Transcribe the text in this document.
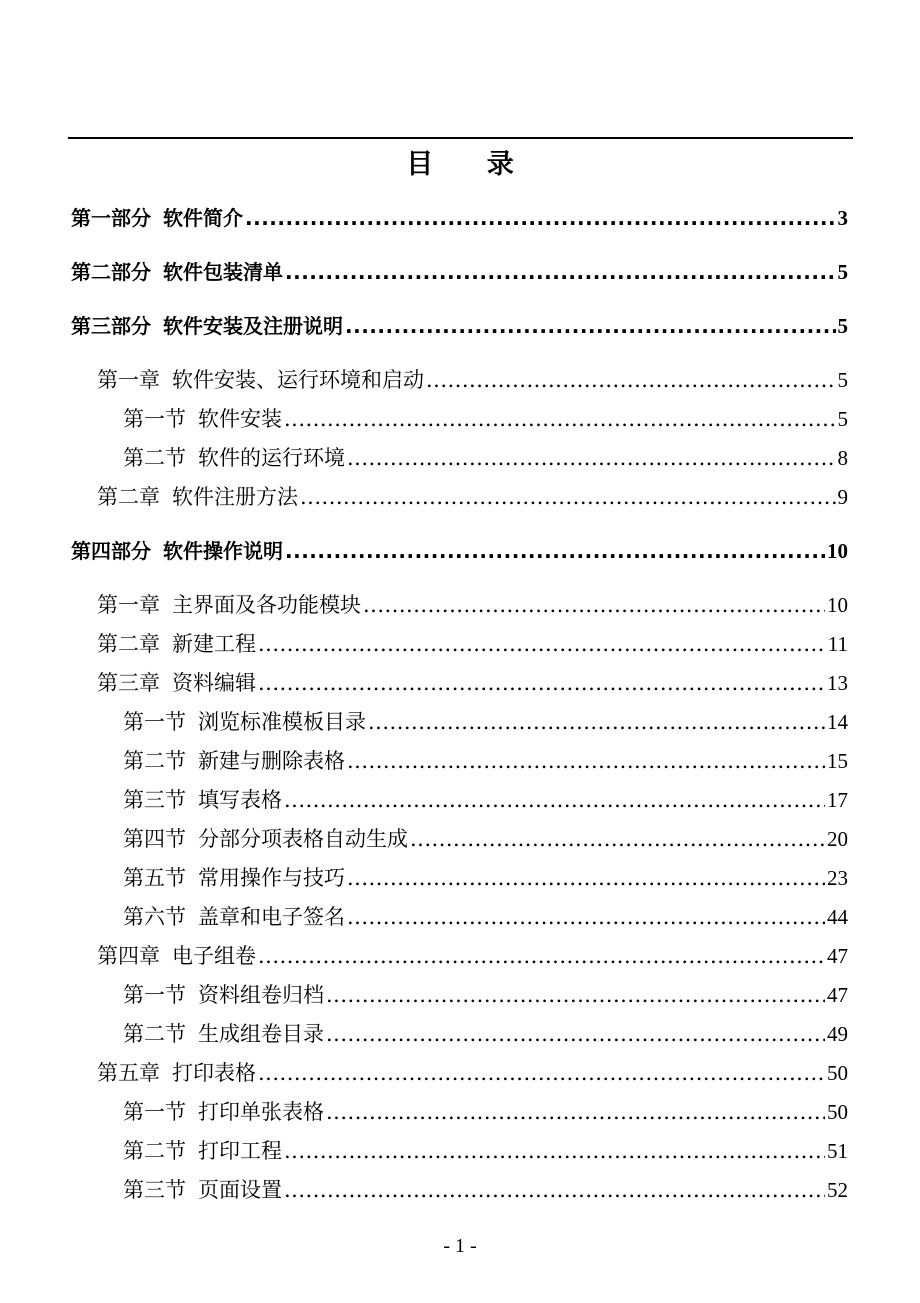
目 录
第一部分 软件简介 .....	3
第二部分 软件包装清单 .....	5
第三部分 软件安装及注册说明 .....	5
第一章 软件安装、运行环境和启动 .....	5
第一节 软件安装 .....	5
第二节 软件的运行环境 .....	8
第二章 软件注册方法 .....	9
第四部分 软件操作说明 .....	10
第一章 主界面及各功能模块 .....	10
第二章 新建工程 .....	11
第三章 资料编辑 .....	13
第一节 浏览标准模板目录 .....	14
第二节 新建与删除表格 .....	15
第三节 填写表格 .....	17
第四节 分部分项表格自动生成 .....	20
第五节 常用操作与技巧 .....	23
第六节 盖章和电子签名 .....	44
第四章 电子组卷 .....	47
第一节 资料组卷归档 .....	47
第二节 生成组卷目录 .....	49
第五章 打印表格 .....	50
第一节 打印单张表格 .....	50
第二节 打印工程 .....	51
第三节 页面设置 .....	52
- 1 -
